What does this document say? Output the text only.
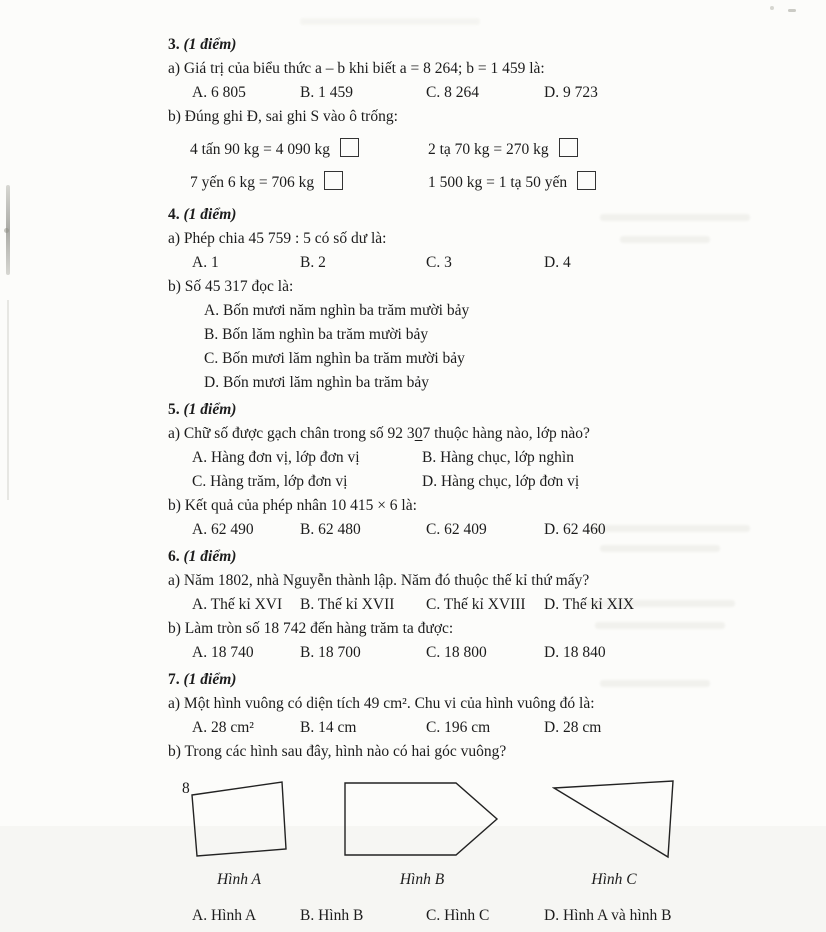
3. (1 điểm)
a) Giá trị của biểu thức a – b khi biết a = 8 264; b = 1 459 là:
A. 6 805	B. 1 459	C. 8 264	D. 9 723
b) Đúng ghi Đ, sai ghi S vào ô trống:
4 tấn 90 kg = 4 090 kg	2 tạ 70 kg = 270 kg
7 yến 6 kg = 706 kg	1 500 kg = 1 tạ 50 yến
4. (1 điểm)
a) Phép chia 45 759 : 5 có số dư là:
A. 1	B. 2	C. 3	D. 4
b) Số 45 317 đọc là:
A. Bốn mươi năm nghìn ba trăm mười bảy
B. Bốn lăm nghìn ba trăm mười bảy
C. Bốn mươi lăm nghìn ba trăm mười bảy
D. Bốn mươi lăm nghìn ba trăm bảy
5. (1 điểm)
a) Chữ số được gạch chân trong số 92 307 thuộc hàng nào, lớp nào?
A. Hàng đơn vị, lớp đơn vị	B. Hàng chục, lớp nghìn
C. Hàng trăm, lớp đơn vị	D. Hàng chục, lớp đơn vị
b) Kết quả của phép nhân 10 415 × 6 là:
A. 62 490	B. 62 480	C. 62 409	D. 62 460
6. (1 điểm)
a) Năm 1802, nhà Nguyễn thành lập. Năm đó thuộc thế kỉ thứ mấy?
A. Thế kỉ XVI	B. Thế kỉ XVII	C. Thế kỉ XVIII	D. Thế kỉ XIX
b) Làm tròn số 18 742 đến hàng trăm ta được:
A. 18 740	B. 18 700	C. 18 800	D. 18 840
7. (1 điểm)
a) Một hình vuông có diện tích 49 cm². Chu vi của hình vuông đó là:
A. 28 cm²	B. 14 cm	C. 196 cm	D. 28 cm
b) Trong các hình sau đây, hình nào có hai góc vuông?
Hình A	Hình B	Hình C
A. Hình A	B. Hình B	C. Hình C	D. Hình A và hình B
8
